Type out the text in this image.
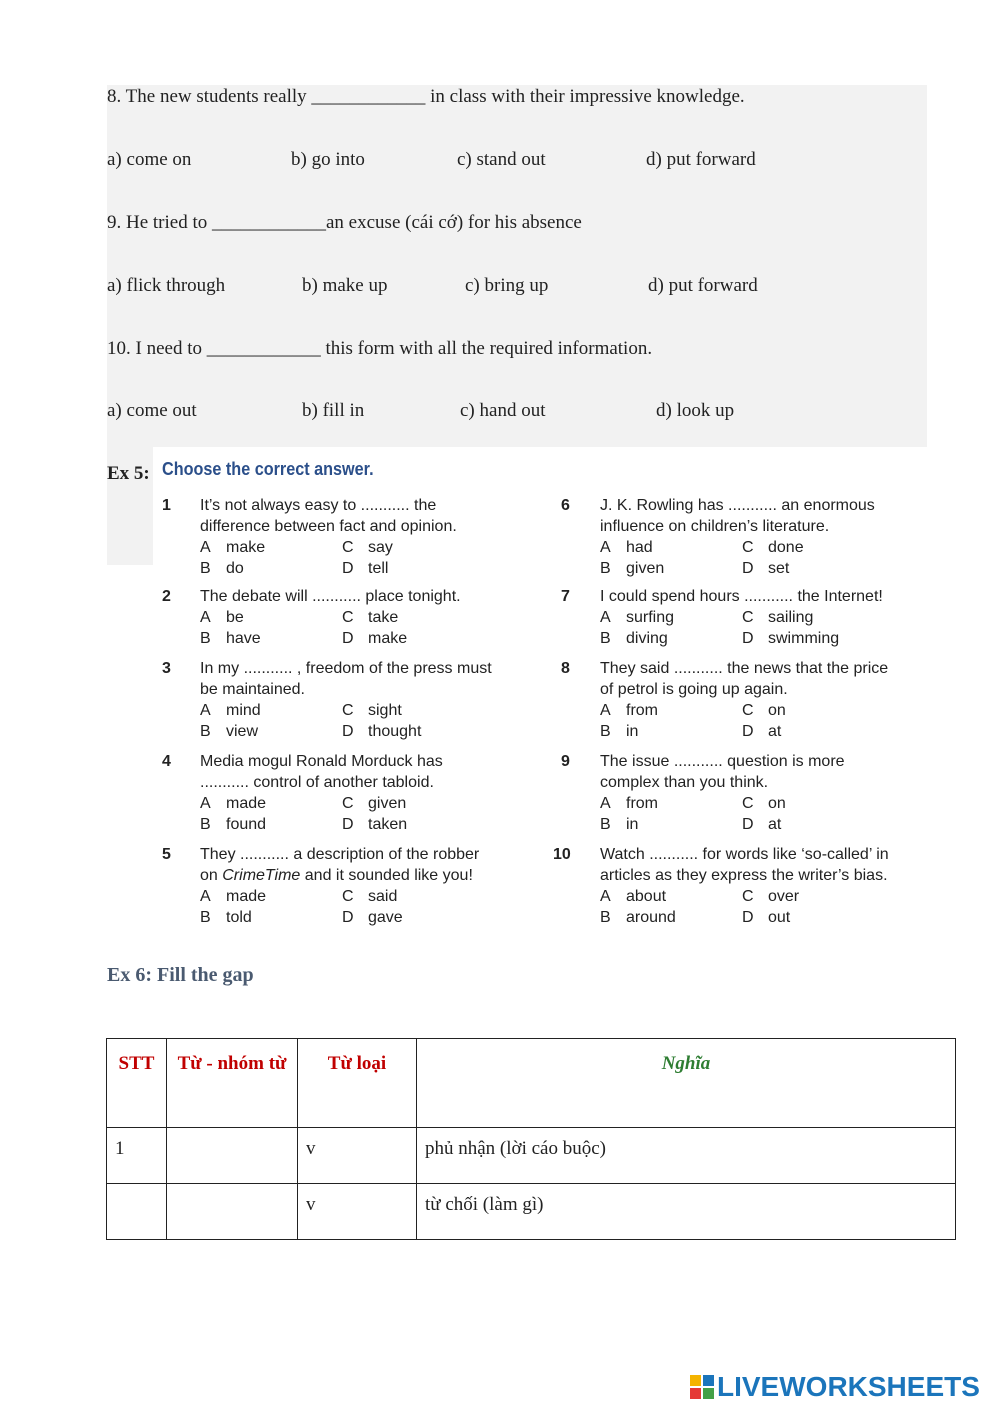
8. The new students really ____________ in class with their impressive knowledge.
a) come on	b) go into	c) stand out	d) put forward
9. He tried to ____________an excuse (cái cớ) for his absence
a) flick through	b) make up	c) bring up	d) put forward
10. I need to ____________ this form with all the required information.
a) come out	b) fill in	c) hand out	d) look up
Ex 5: Choose the correct answer.
1 It’s not always easy to ........... the
difference between fact and opinion.
A make
B do
C say
D tell
2 The debate will ........... place tonight.
A be
B have
C take
D make
3 In my ........... , freedom of the press must
be maintained.
A mind
B view
C sight
D thought
4 Media mogul Ronald Morduck has
........... control of another tabloid.
A made
B found
C given
D taken
5 They ........... a description of the robber
on CrimeTime and it sounded like you!
A made
B told
C said
D gave
6 J. K. Rowling has ........... an enormous
influence on children’s literature.
A had
B given
C done
D set
7 I could spend hours ........... the Internet!
A surfing
B diving
C sailing
D swimming
8 They said ........... the news that the price
of petrol is going up again.
A from
B in
C on
D at
9 The issue ........... question is more
complex than you think.
A from
B in
C on
D at
10 Watch ........... for words like ‘so-called’ in
articles as they express the writer’s bias.
A about
B around
C over
D out
Ex 6: Fill the gap
STT	Từ - nhóm từ	Từ loại	Nghĩa
1		v	phủ nhận (lời cáo buộc)
		v	từ chối (làm gì)
LIVEWORKSHEETS
